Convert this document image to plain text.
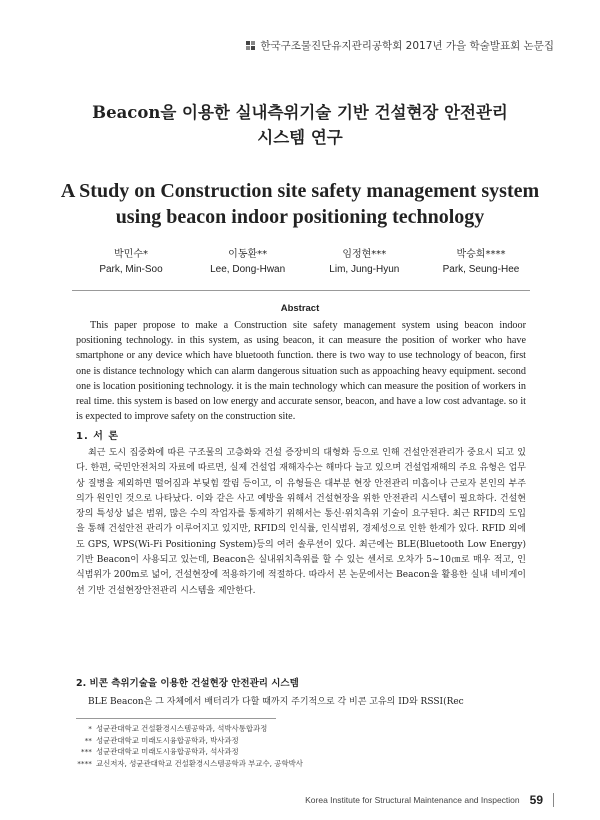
한국구조물진단유지관리공학회 2017년 가을 학술발표회 논문집
Beacon을 이용한 실내측위기술 기반 건설현장 안전관리
시스템 연구
A Study on Construction site safety management system
using beacon indoor positioning technology
박민수*
Park, Min-Soo
이동환**
Lee, Dong-Hwan
임정현***
Lim, Jung-Hyun
박승희****
Park, Seung-Hee
Abstract

This paper propose to make a Construction site safety management system using beacon indoor positioning technology. in this system, as using beacon, it can measure the position of worker who have smartphone or any device which have bluetooth function. there is two way to use technology of beacon, first one is distance technology which can alarm dangerous situation such as appoaching heavy equipment. second one is location positioning technology. it is the main technology which can measure the position of workers in real time. this system is based on low energy and accurate sensor, beacon, and have a low cost advantage. so it is expected to improve safety on the construction site.

1. 서 론

최근 도시 집중화에 따른 구조물의 고층화와 건설 증장비의 대형화 등으로 인해 건설안전관리가 중요시 되고 있다. 한편, 국민안전처의 자료에 따르면, 실제 건설업 재해자수는 해마다 늘고 있으며 건설업재해의 주요 유형은 업무상 질병을 제외하면 떨어짐과 부딪힘 깔림 등이고, 이 유형들은 대부분 현장 안전관리 미흡이나 근로자 본인의 부주의가 원인인 것으로 나타났다. 이와 같은 사고 예방을 위해서 건설현장을 위한 안전관리 시스템이 필요하다. 건설현장의 특성상 넓은 범위, 많은 수의 작업자를 통제하기 위해서는 통신·위치측위 기술이 요구된다. 최근 RFID의 도입을 통해 건설안전 관리가 이루어지고 있지만, RFID의 인식률, 인식범위, 경제성으로 인한 한계가 있다. RFID 외에도 GPS, WPS(Wi-Fi Positioning System)등의 여러 솔루션이 있다. 최근에는 BLE(Bluetooth Low Energy)기반 Beacon이 사용되고 있는데, Beacon은 실내위치측위를 할 수 있는 센서로 오차가 5~10㎝로 매우 적고, 인식범위가 200m로 넓어, 건설현장에 적용하기에 적절하다. 따라서 본 논문에서는 Beacon을 활용한 실내 네비게이션 기반 건설현장안전관리 시스템을 제안한다.

2. 비콘 측위기술을 이용한 건설현장 안전관리 시스템

BLE Beacon은 그 자체에서 배터리가 다할 때까지 주기적으로 각 비콘 고유의 ID와 RSSI(Rec

* 성균관대학교 건설환경시스템공학과, 석박사통합과정
** 성균관대학교 미래도시융합공학과, 박사과정
*** 성균관대학교 미래도시융합공학과, 석사과정
**** 교신저자, 성균관대학교 건설환경시스템공학과 부교수, 공학박사
Korea Institute for Structural Maintenance and Inspection 59
